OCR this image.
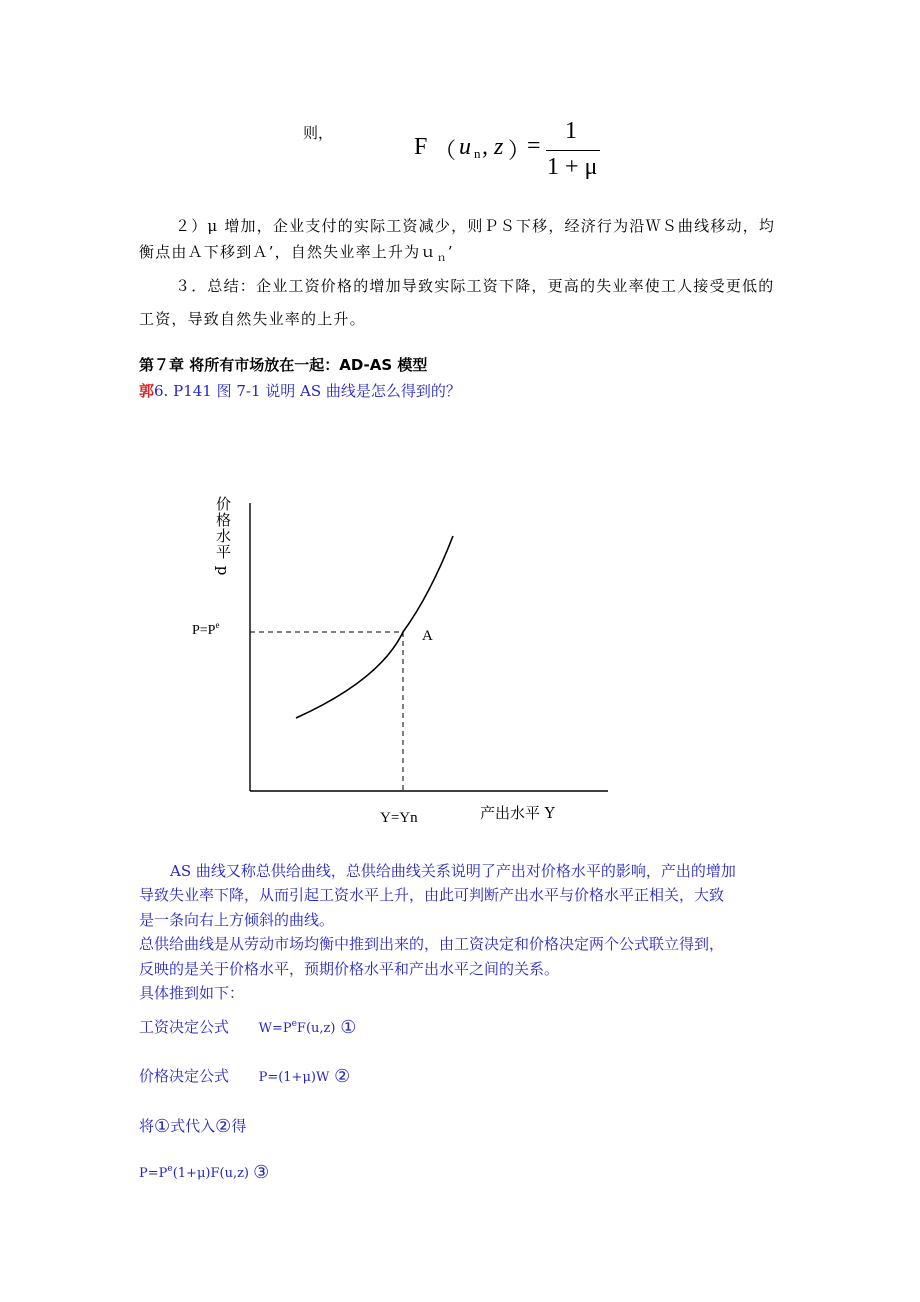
则，
F （ u n , z ）
=
1
1 + μ
２）μ 增加，企业支付的实际工资减少，则ＰＳ下移，经济行为沿ＷＳ曲线移动，均
衡点由Ａ下移到Ａ’，自然失业率上升为ｕ$_n$’
３．总结：企业工资价格的增加导致实际工资下降，更高的失业率使工人接受更低的
工资，导致自然失业率的上升。
第７章 将所有市场放在一起：AD-AS 模型
郭6. P141 图 7-1 说明 AS 曲线是怎么得到的？
价格水平 p
$P=P^e$
A
Y=Yn	产出水平 Y
AS 曲线又称总供给曲线，总供给曲线关系说明了产出对价格水平的影响，产出的增加
导致失业率下降，从而引起工资水平上升，由此可判断产出水平与价格水平正相关，大致
是一条向右上方倾斜的曲线。
总供给曲线是从劳动市场均衡中推到出来的，由工资决定和价格决定两个公式联立得到，
反映的是关于价格水平，预期价格水平和产出水平之间的关系。
具体推到如下：
工资决定公式 $W=P^eF(u,z)$ ①
价格决定公式 P=(1+μ)W ②
将①式代入②得
$P=P^e(1+\mu)F(u,z)$ ③
